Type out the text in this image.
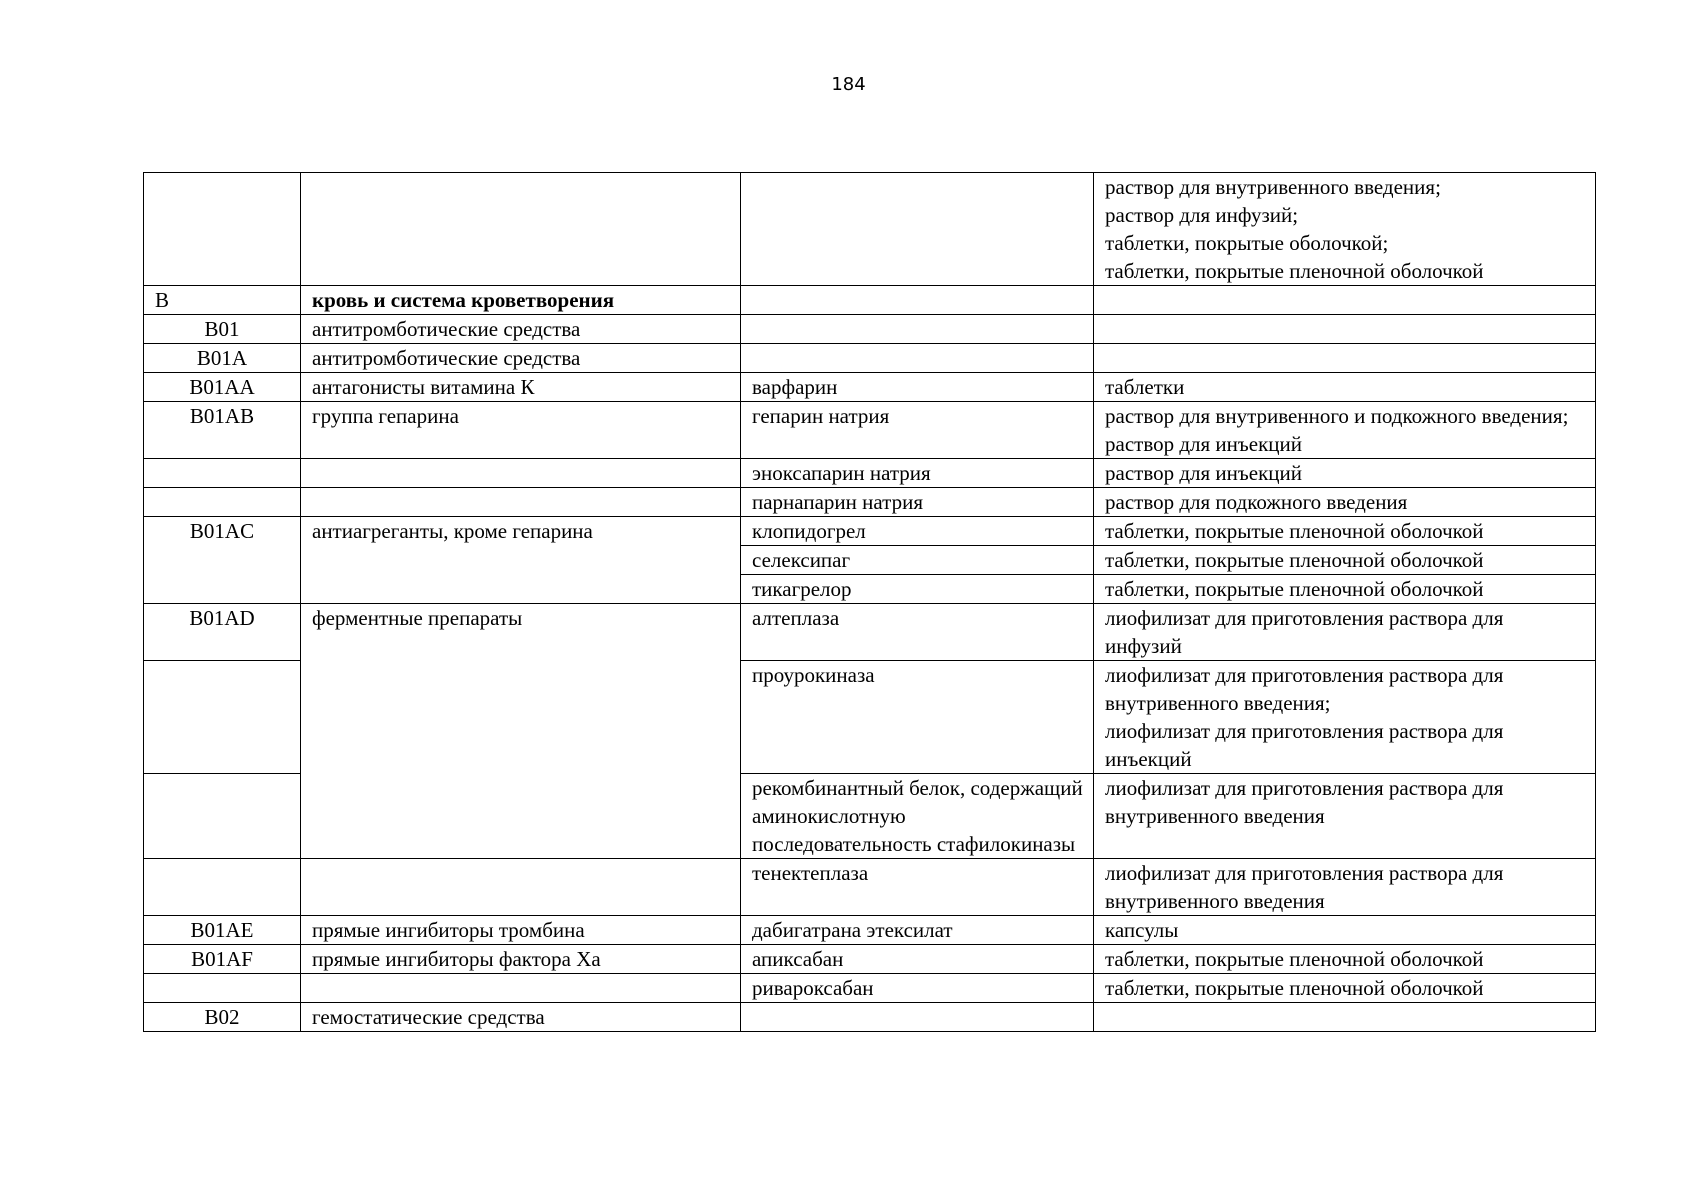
184

			раствор для внутривенного введения;
раствор для инфузий;
таблетки, покрытые оболочкой;
таблетки, покрытые пленочной оболочкой

B	кровь и система кроветворения		
B01	антитромботические средства		
B01A	антитромботические средства		
B01AA	антагонисты витамина К	варфарин	таблетки
B01AB	группа гепарина	гепарин натрия	раствор для внутривенного и подкожного введения;
раствор для инъекций

		эноксапарин натрия	раствор для инъекций
		парнапарин натрия	раствор для подкожного введения
B01AC	антиагреганты, кроме гепарина	клопидогрел	таблетки, покрытые пленочной оболочкой
		селексипаг	таблетки, покрытые пленочной оболочкой
		тикагрелор	таблетки, покрытые пленочной оболочкой
B01AD	ферментные препараты	алтеплаза	лиофилизат для приготовления раствора для инфузий
		проурокиназа	лиофилизат для приготовления раствора для внутривенного введения;
лиофилизат для приготовления раствора для инъекций

		рекомбинантный белок, содержащий аминокислотную последовательность стафилокиназы	лиофилизат для приготовления раствора для внутривенного введения
		тенектеплаза	лиофилизат для приготовления раствора для внутривенного введения
B01AE	прямые ингибиторы тромбина	дабигатрана этексилат	капсулы
B01AF	прямые ингибиторы фактора Xa	апиксабан	таблетки, покрытые пленочной оболочкой
		ривароксабан	таблетки, покрытые пленочной оболочкой
B02	гемостатические средства		
